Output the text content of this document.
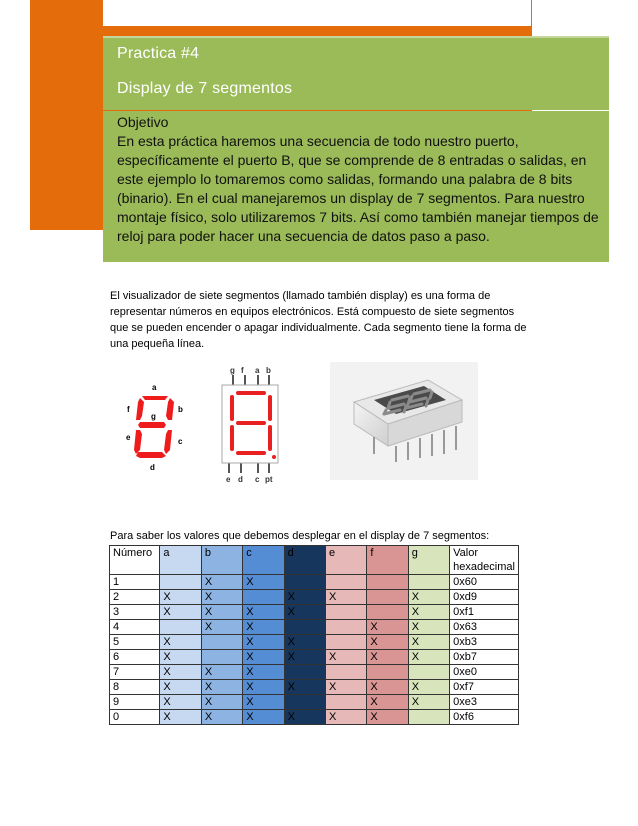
Practica #4
Display de 7 segmentos
Objetivo
En esta práctica haremos una secuencia de todo nuestro puerto, específicamente el puerto B, que se comprende de 8 entradas o salidas, en este ejemplo lo tomaremos como salidas, formando una palabra de 8 bits (binario). En el cual manejaremos un display de 7 segmentos. Para nuestro montaje físico, solo utilizaremos 7 bits. Así como también manejar tiempos de reloj para poder hacer una secuencia de datos paso a paso.
El visualizador de siete segmentos (llamado también display) es una forma de representar números en equipos electrónicos. Está compuesto de siete segmentos que se pueden encender o apagar individualmente. Cada segmento tiene la forma de una pequeña línea.
a
b
c
d
e
f
g
g f a b
e d c pt
Para saber los valores que debemos desplegar en el display de 7 segmentos:
Número	a	b	c	d	e	f	g	Valor hexadecimal
1		X	X					0x60
2	X	X		X	X		X	0xd9
3	X	X	X	X			X	0xf1
4		X	X			X	X	0x63
5	X		X	X		X	X	0xb3
6	X		X	X	X	X	X	0xb7
7	X	X	X					0xe0
8	X	X	X	X	X	X	X	0xf7
9	X	X	X			X	X	0xe3
0	X	X	X	X	X	X		0xf6
